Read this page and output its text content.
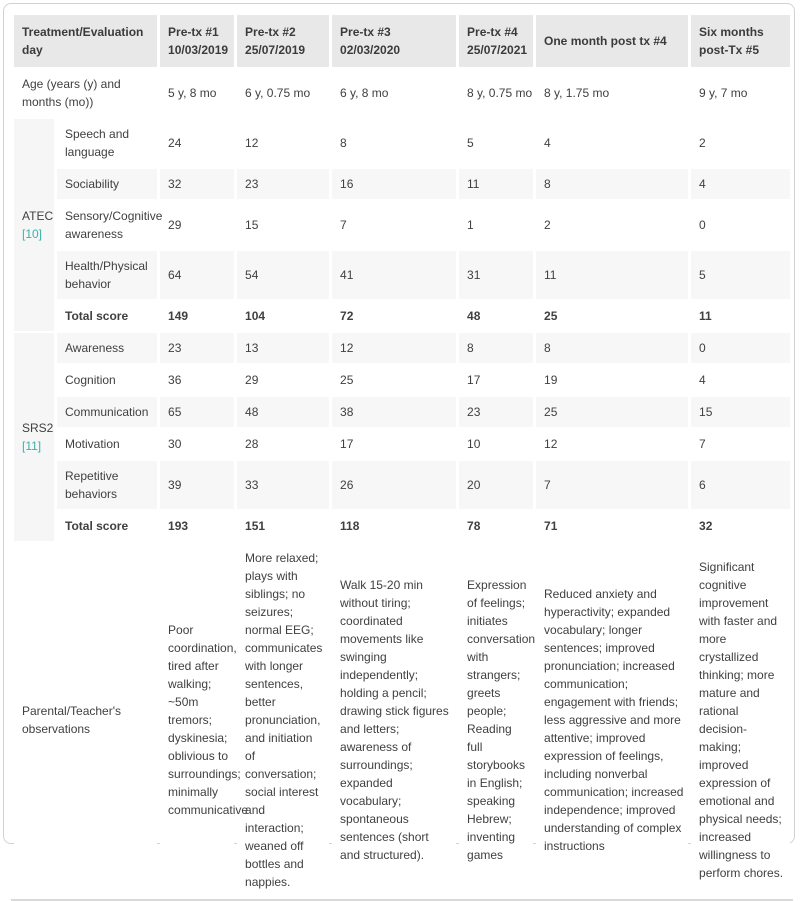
Treatment/Evaluation day		Pre-tx #1 10/03/2019	Pre-tx #2 25/07/2019	Pre-tx #3 02/03/2020	Pre-tx #4 25/07/2021	One month post tx #4	Six months post-Tx #5
Age (years (y) and months (mo))		5 y, 8 mo	6 y, 0.75 mo	6 y, 8 mo	8 y, 0.75 mo	8 y, 1.75 mo	9 y, 7 mo

ATEC
[10]	Speech and language	24	12	8	5	4	2
	Sociability	32	23	16	11	8	4
	Sensory/Cognitive awareness	29	15	7	1	2	0
	Health/Physical behavior	64	54	41	31	11	5
	Total score	149	104	72	48	25	11

SRS2
[11]	Awareness	23	13	12	8	8	0
	Cognition	36	29	25	17	19	4
	Communication	65	48	38	23	25	15
	Motivation	30	28	17	10	12	7
	Repetitive behaviors	39	33	26	20	7	6
	Total score	193	151	118	78	71	32
Parental/Teacher's observations	Poor coordination, tired after walking; ~50m tremors; dyskinesia; oblivious to surroundings; minimally communicative	More relaxed; plays with siblings; no seizures; normal EEG; communicates with longer sentences, better pronunciation, and initiation of conversation; social interest and interaction; weaned off bottles and nappies.	Walk 15-20 min without tiring; coordinated movements like swinging independently; holding a pencil; drawing stick figures and letters; awareness of surroundings; expanded vocabulary; spontaneous sentences (short and structured).	Expression of feelings; initiates conversation with strangers; greets people; Reading full storybooks in English; speaking Hebrew; inventing games	Reduced anxiety and hyperactivity; expanded vocabulary; longer sentences; improved pronunciation; increased communication; engagement with friends; less aggressive and more attentive; improved expression of feelings, including nonverbal communication; increased independence; improved understanding of complex instructions	Significant cognitive improvement with faster and more crystallized thinking; more mature and rational decision-making; improved expression of emotional and physical needs; increased willingness to perform chores.
